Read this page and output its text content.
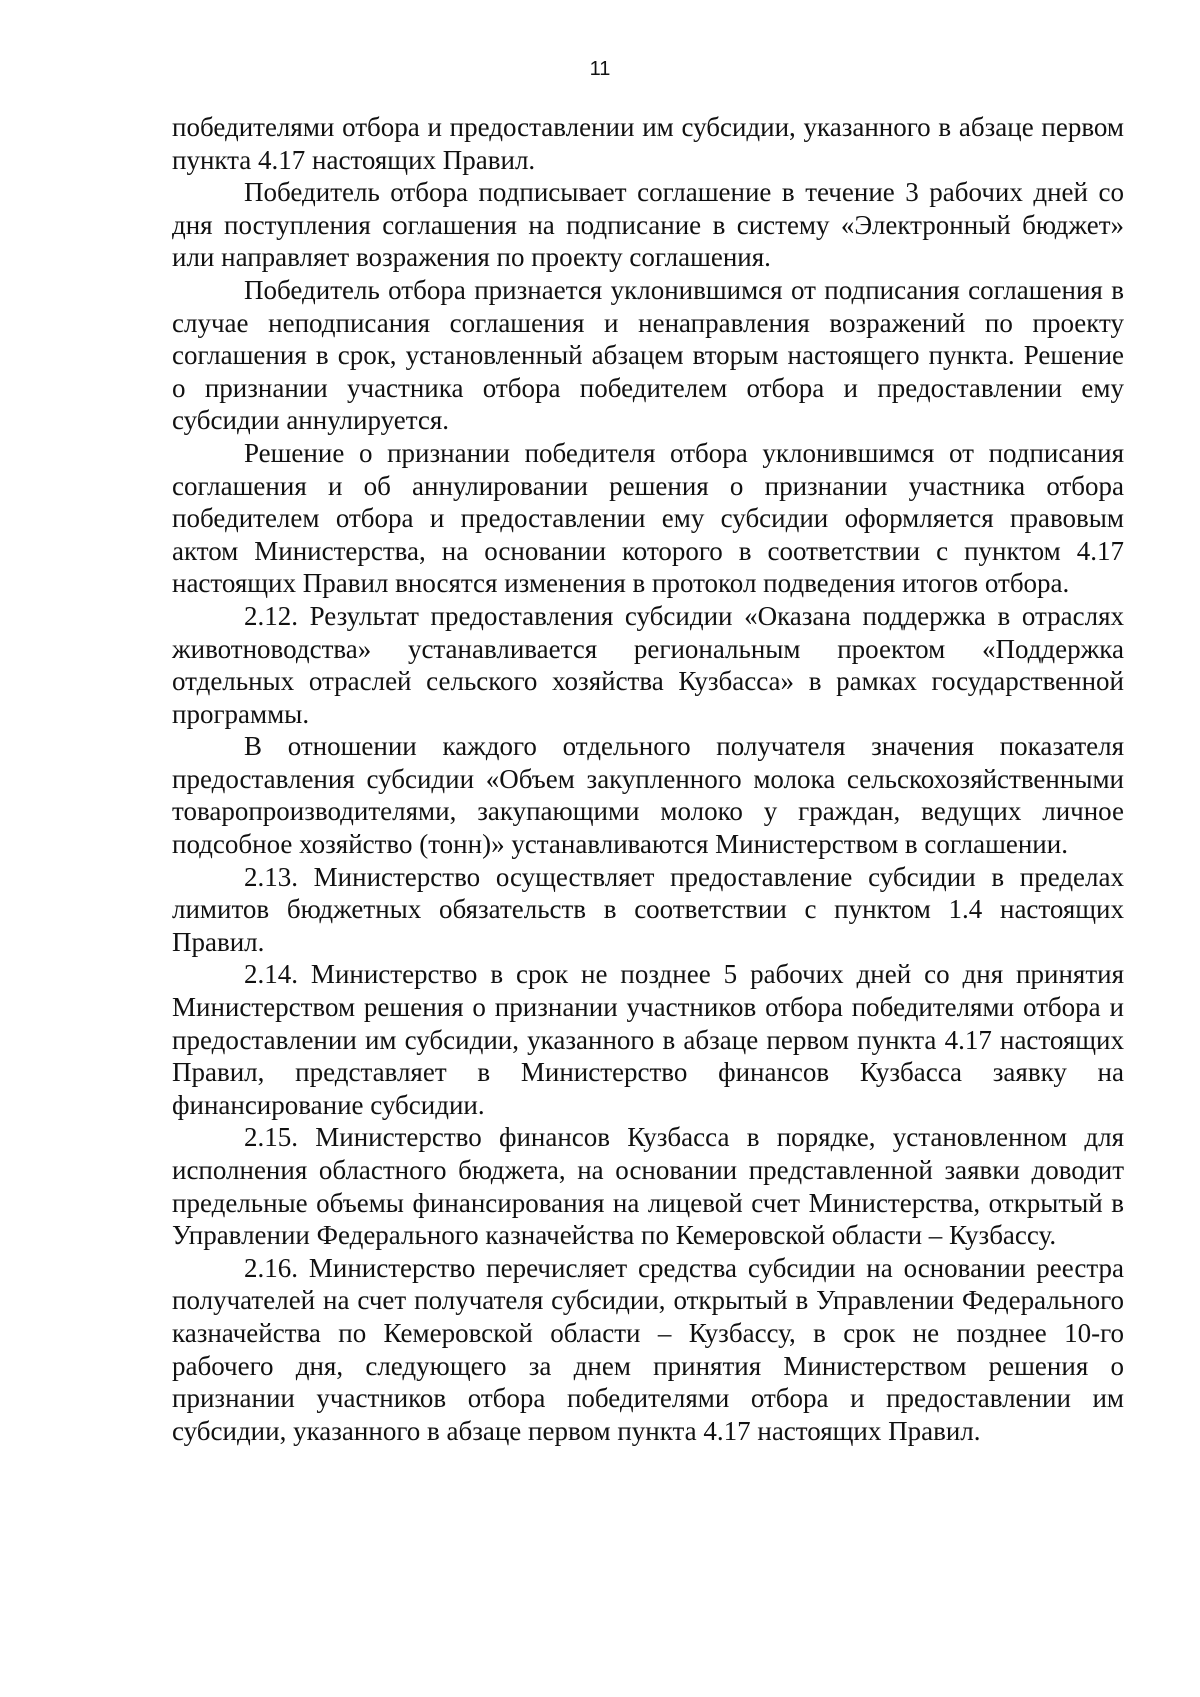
11

победителями отбора и предоставлении им субсидии, указанного в абзаце первом пункта 4.17 настоящих Правил.

Победитель отбора подписывает соглашение в течение 3 рабочих дней со дня поступления соглашения на подписание в систему «Электронный бюджет» или направляет возражения по проекту соглашения.

Победитель отбора признается уклонившимся от подписания соглашения в случае неподписания соглашения и ненаправления возражений по проекту соглашения в срок, установленный абзацем вторым настоящего пункта. Решение о признании участника отбора победителем отбора и предоставлении ему субсидии аннулируется.

Решение о признании победителя отбора уклонившимся от подписания соглашения и об аннулировании решения о признании участника отбора победителем отбора и предоставлении ему субсидии оформляется правовым актом Министерства, на основании которого в соответствии с пунктом 4.17 настоящих Правил вносятся изменения в протокол подведения итогов отбора.

2.12. Результат предоставления субсидии «Оказана поддержка в отраслях животноводства» устанавливается региональным проектом «Поддержка отдельных отраслей сельского хозяйства Кузбасса» в рамках государственной программы.

В отношении каждого отдельного получателя значения показателя предоставления субсидии «Объем закупленного молока сельскохозяйственными товаропроизводителями, закупающими молоко у граждан, ведущих личное подсобное хозяйство (тонн)» устанавливаются Министерством в соглашении.

2.13. Министерство осуществляет предоставление субсидии в пределах лимитов бюджетных обязательств в соответствии с пунктом 1.4 настоящих Правил.

2.14. Министерство в срок не позднее 5 рабочих дней со дня принятия Министерством решения о признании участников отбора победителями отбора и предоставлении им субсидии, указанного в абзаце первом пункта 4.17 настоящих Правил, представляет в Министерство финансов Кузбасса заявку на финансирование субсидии.

2.15. Министерство финансов Кузбасса в порядке, установленном для исполнения областного бюджета, на основании представленной заявки доводит предельные объемы финансирования на лицевой счет Министерства, открытый в Управлении Федерального казначейства по Кемеровской области – Кузбассу.

2.16. Министерство перечисляет средства субсидии на основании реестра получателей на счет получателя субсидии, открытый в Управлении Федерального казначейства по Кемеровской области – Кузбассу, в срок не позднее 10-го рабочего дня, следующего за днем принятия Министерством решения о признании участников отбора победителями отбора и предоставлении им субсидии, указанного в абзаце первом пункта 4.17 настоящих Правил.
